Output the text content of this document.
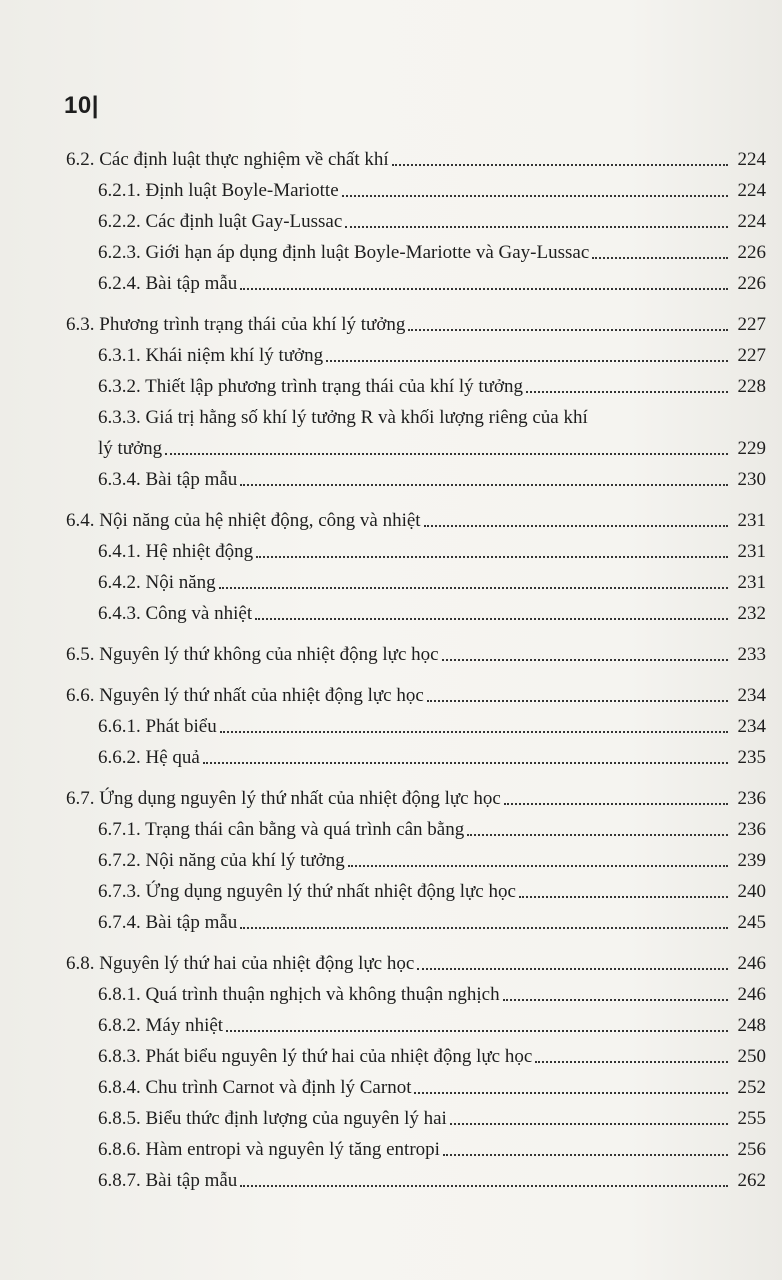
10|
6.2. Các định luật thực nghiệm về chất khí	224
6.2.1. Định luật Boyle-Mariotte	224
6.2.2. Các định luật Gay-Lussac	224
6.2.3. Giới hạn áp dụng định luật Boyle-Mariotte và Gay-Lussac	226
6.2.4. Bài tập mẫu	226
6.3. Phương trình trạng thái của khí lý tưởng	227
6.3.1. Khái niệm khí lý tưởng	227
6.3.2. Thiết lập phương trình trạng thái của khí lý tưởng	228
6.3.3. Giá trị hằng số khí lý tưởng R và khối lượng riêng của khí
lý tưởng	229
6.3.4. Bài tập mẫu	230
6.4. Nội năng của hệ nhiệt động, công và nhiệt	231
6.4.1. Hệ nhiệt động	231
6.4.2. Nội năng	231
6.4.3. Công và nhiệt	232
6.5. Nguyên lý thứ không của nhiệt động lực học	233
6.6. Nguyên lý thứ nhất của nhiệt động lực học	234
6.6.1. Phát biểu	234
6.6.2. Hệ quả	235
6.7. Ứng dụng nguyên lý thứ nhất của nhiệt động lực học	236
6.7.1. Trạng thái cân bằng và quá trình cân bằng	236
6.7.2. Nội năng của khí lý tưởng	239
6.7.3. Ứng dụng nguyên lý thứ nhất nhiệt động lực học	240
6.7.4. Bài tập mẫu	245
6.8. Nguyên lý thứ hai của nhiệt động lực học	246
6.8.1. Quá trình thuận nghịch và không thuận nghịch	246
6.8.2. Máy nhiệt	248
6.8.3. Phát biểu nguyên lý thứ hai của nhiệt động lực học	250
6.8.4. Chu trình Carnot và định lý Carnot	252
6.8.5. Biểu thức định lượng của nguyên lý hai	255
6.8.6. Hàm entropi và nguyên lý tăng entropi	256
6.8.7. Bài tập mẫu	262
